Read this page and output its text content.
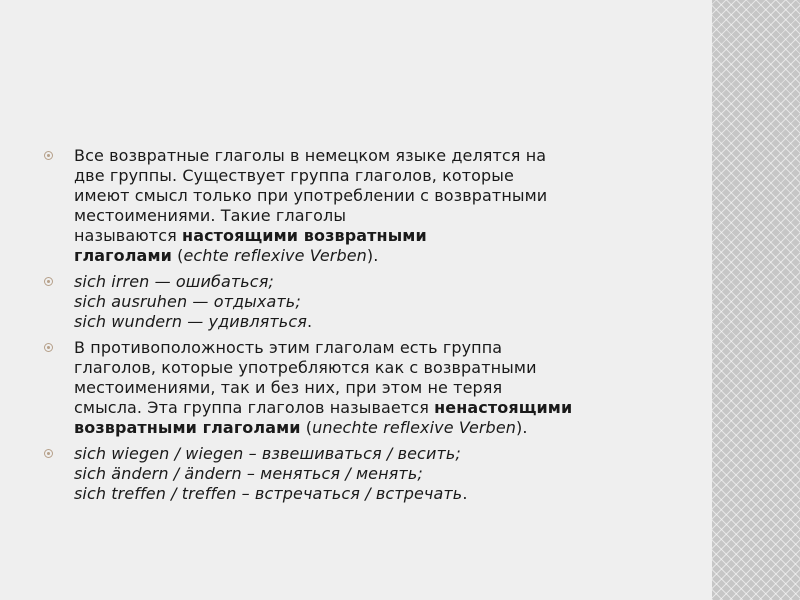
Все возвратные глаголы в немецком языке делятся на
две группы. Существует группа глаголов, которые
имеют смысл только при употреблении с возвратными
местоимениями. Такие глаголы
называются настоящими возвратными
глаголами (echte reflexive Verben).
sich irren — ошибаться;
sich ausruhen — отдыхать;
sich wundern — удивляться.
В противоположность этим глаголам есть группа
глаголов, которые употребляются как с возвратными
местоимениями, так и без них, при этом не теряя
смысла. Эта группа глаголов называется ненастоящими
возвратными глаголами (unechte reflexive Verben).
sich wiegen / wiegen – взвешиваться / весить;
sich ändern / ändern – меняться / менять;
sich treffen / treffen – встречаться / встречать.
